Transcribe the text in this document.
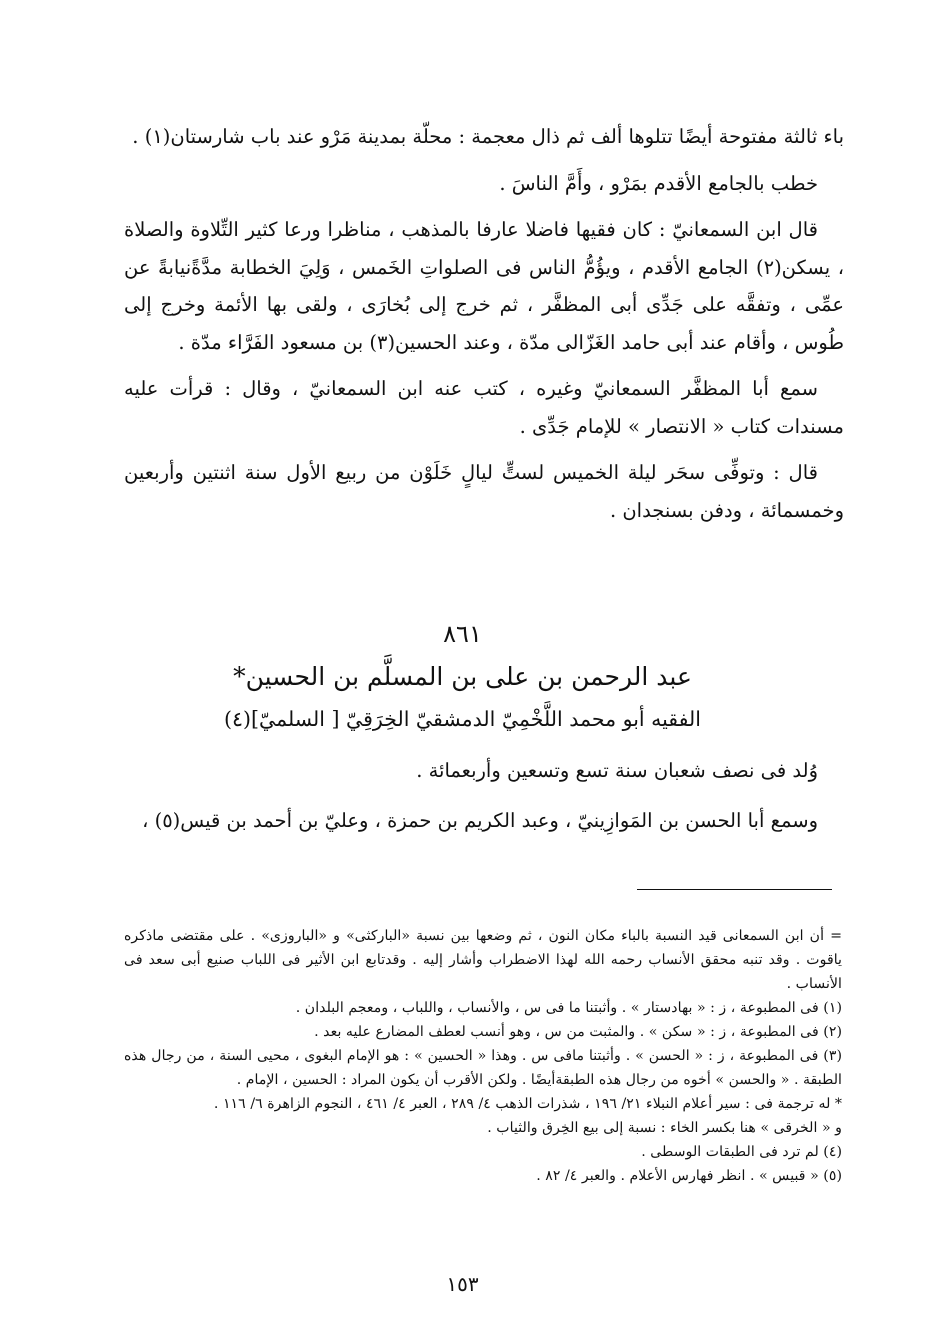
باء ثالثة مفتوحة أيضًا تتلوها ألف ثم ذال معجمة : محلّة بمدينة مَرْو عند باب شارستان(١) .

خطب بالجامع الأقدم بمَرْو ، وأَمَّ الناسَ .

قال ابن السمعانيّ : كان فقيها فاضلا عارفا بالمذهب ، مناظرا ورعا كثير التِّلاوة والصلاة ، يسكن(٢) الجامع الأقدم ، ويؤُمُّ الناس فى الصلواتِ الخَمس ، وَلِيَ الخطابة مدَّةًنيابةً عن عمِّى ، وتفقَّه على جَدِّى أبى المظفَّر ، ثم خرج إلى بُخارَى ، ولقى بها الأئمة وخرج إلى طُوس ، وأقام عند أبى حامد الغَزّالى مدّة ، وعند الحسين(٣) بن مسعود الفَرَّاء مدّة .

سمع أبا المظفَّر السمعانيّ وغيره ، كتب عنه ابن السمعانيّ ، وقال : قرأت عليه مسندات كتاب « الانتصار » للإمام جَدِّى .

قال : وتوفِّى سحَر ليلة الخميس لستٍّ ليالٍ خَلَوْن من ربيع الأول سنة اثنتين وأربعين وخمسمائة ، ودفن بسنجدان .

٨٦١
عبد الرحمن بن على بن المسلَّم بن الحسين*
الفقيه أبو محمد اللَّخْمِيّ الدمشقيّ الخِرَقِيّ [ السلميّ](٤)

وُلد فى نصف شعبان سنة تسع وتسعين وأربعمائة .

وسمع أبا الحسن بن المَوازِينيّ ، وعبد الكريم بن حمزة ، وعليّ بن أحمد بن قيس(٥) ،

= أن ابن السمعانى قيد النسبة بالباء مكان النون ، ثم وضعها بين نسبة «الباركثى» و «الباروزى» . على مقتضى ماذكره ياقوت . وقد تنبه محقق الأنساب رحمه الله لهذا الاضطراب وأشار إليه . وقدتابع ابن الأثير فى اللباب صنيع أبى سعد فى الأنساب .

(١) فى المطبوعة ، ز : « بهادستار » . وأثبتنا ما فى س ، والأنساب ، واللباب ، ومعجم البلدان .

(٢) فى المطبوعة ، ز : « سكن » . والمثبت من س ، وهو أنسب لعطف المضارع عليه بعد .

(٣) فى المطبوعة ، ز : « الحسن » . وأثبتنا مافى س . وهذا « الحسين » : هو الإمام البغوى ، محيى السنة ، من رجال هذه الطبقة . « والحسن » أخوه من رجال هذه الطبقةأيضًا . ولكن الأقرب أن يكون المراد : الحسين ، الإمام .

* له ترجمة فى : سير أعلام النبلاء ٢١/ ١٩٦ ، شذرات الذهب ٤/ ٢٨٩ ، العبر ٤/ ٤٦١ ، النجوم الزاهرة ٦/ ١١٦ .

و « الخرقى » هنا بكسر الخاء : نسبة إلى بيع الخِرق والثياب .

(٤) لم ترد فى الطبقات الوسطى .

(٥) « قبيس » . انظر فهارس الأعلام . والعبر ٤/ ٨٢ .

١٥٣
